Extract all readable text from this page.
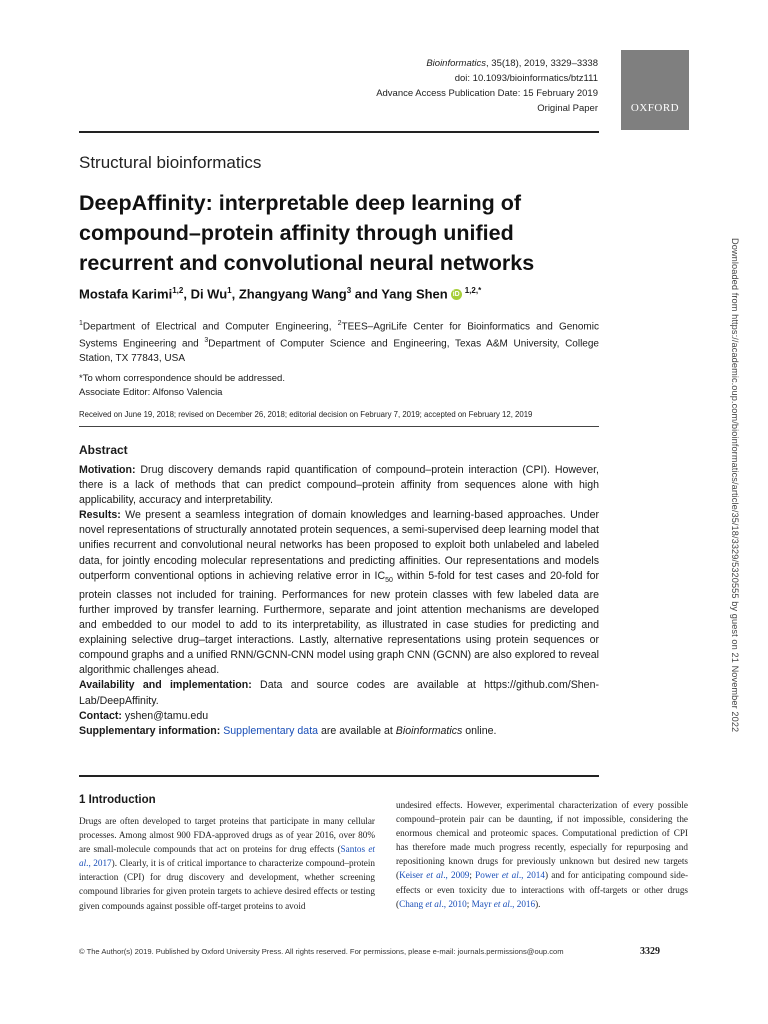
Bioinformatics, 35(18), 2019, 3329–3338
doi: 10.1093/bioinformatics/btz111
Advance Access Publication Date: 15 February 2019
Original Paper	OXFORD
Structural bioinformatics
DeepAffinity: interpretable deep learning of compound–protein affinity through unified recurrent and convolutional neural networks
Mostafa Karimi$^{1,2}$, Di Wu$^1$, Zhangyang Wang$^3$ and Yang Shen iD $^{1,2,*}$
$^1$Department of Electrical and Computer Engineering, $^2$TEES–AgriLife Center for Bioinformatics and Genomic Systems Engineering and $^3$Department of Computer Science and Engineering, Texas A&M University, College Station, TX 77843, USA
*To whom correspondence should be addressed.
Associate Editor: Alfonso Valencia
Received on June 19, 2018; revised on December 26, 2018; editorial decision on February 7, 2019; accepted on February 12, 2019
Abstract

Motivation: Drug discovery demands rapid quantification of compound–protein interaction (CPI). However, there is a lack of methods that can predict compound–protein affinity from sequences alone with high applicability, accuracy and interpretability.

Results: We present a seamless integration of domain knowledges and learning-based approaches. Under novel representations of structurally annotated protein sequences, a semi-supervised deep learning model that unifies recurrent and convolutional neural networks has been proposed to exploit both unlabeled and labeled data, for jointly encoding molecular representations and predicting affinities. Our representations and models outperform conventional options in achieving relative error in $IC_{50}$ within 5-fold for test cases and 20-fold for protein classes not included for training. Performances for new protein classes with few labeled data are further improved by transfer learning. Furthermore, separate and joint attention mechanisms are developed and embedded to our model to add to its interpretability, as illustrated in case studies for predicting and explaining selective drug–target interactions. Lastly, alternative representations using protein sequences or compound graphs and a unified RNN/GCNN-CNN model using graph CNN (GCNN) are also explored to reveal algorithmic challenges ahead.

Availability and implementation: Data and source codes are available at https://github.com/Shen-Lab/DeepAffinity.

Contact: yshen@tamu.edu

Supplementary information: Supplementary data are available at Bioinformatics online.

1 Introduction
Drugs are often developed to target proteins that participate in many cellular processes. Among almost 900 FDA-approved drugs as of year 2016, over 80% are small-molecule compounds that act on proteins for drug effects (Santos et al., 2017). Clearly, it is of critical importance to characterize compound–protein interaction (CPI) for drug discovery and development, whether screening compound libraries for given protein targets to achieve desired effects or testing given compounds against possible off-target proteins to avoid
undesired effects. However, experimental characterization of every possible compound–protein pair can be daunting, if not impossible, considering the enormous chemical and proteomic spaces. Computational prediction of CPI has therefore made much progress recently, especially for repurposing and repositioning known drugs for previously unknown but desired new targets (Keiser et al., 2009; Power et al., 2014) and for anticipating compound side-effects or even toxicity due to interactions with off-targets or other drugs (Chang et al., 2010; Mayr et al., 2016).
© The Author(s) 2019. Published by Oxford University Press. All rights reserved. For permissions, please e-mail: journals.permissions@oup.com	3329
Downloaded from https://academic.oup.com/bioinformatics/article/35/18/3329/5320555 by guest on 21 November 2022
